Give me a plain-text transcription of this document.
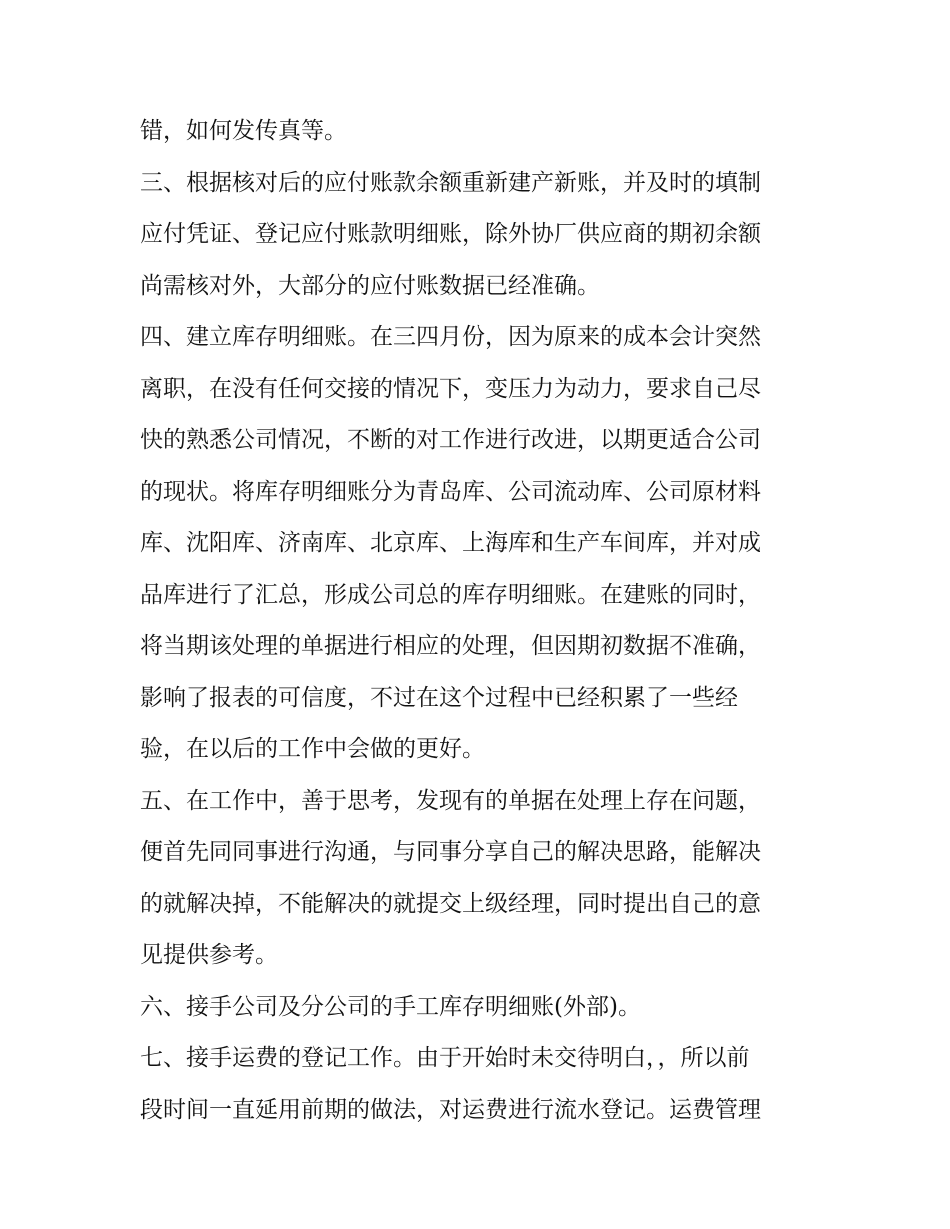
错，如何发传真等。
三、根据核对后的应付账款余额重新建产新账，并及时的填制
应付凭证、登记应付账款明细账，除外协厂供应商的期初余额
尚需核对外，大部分的应付账数据已经准确。
四、建立库存明细账。在三四月份，因为原来的成本会计突然
离职，在没有任何交接的情况下，变压力为动力，要求自己尽
快的熟悉公司情况，不断的对工作进行改进，以期更适合公司
的现状。将库存明细账分为青岛库、公司流动库、公司原材料
库、沈阳库、济南库、北京库、上海库和生产车间库，并对成
品库进行了汇总，形成公司总的库存明细账。在建账的同时，
将当期该处理的单据进行相应的处理，但因期初数据不准确，
影响了报表的可信度，不过在这个过程中已经积累了一些经
验，在以后的工作中会做的更好。
五、在工作中，善于思考，发现有的单据在处理上存在问题，
便首先同同事进行沟通，与同事分享自己的解决思路，能解决
的就解决掉，不能解决的就提交上级经理，同时提出自己的意
见提供参考。
六、接手公司及分公司的手工库存明细账(外部)。
七、接手运费的登记工作。由于开始时未交待明白，，所以前
段时间一直延用前期的做法，对运费进行流水登记。运费管理
